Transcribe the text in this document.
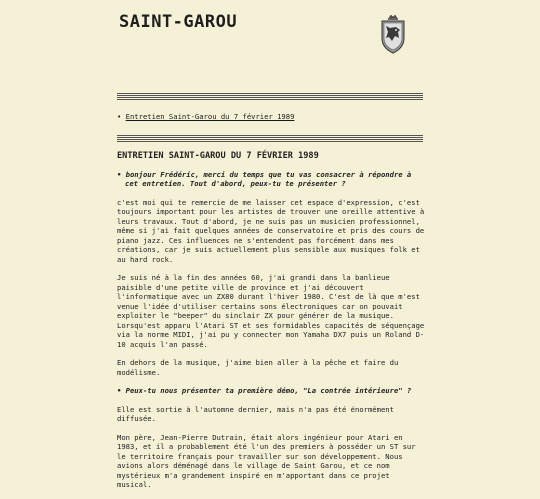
SAINT-GAROU
• Entretien Saint-Garou du 7 février 1989
ENTRETIEN SAINT-GAROU DU 7 FÉVRIER 1989
• bonjour Frédéric, merci du temps que tu vas consacrer à répondre à cet entretien. Tout d'abord, peux-tu te présenter ?
c'est moi qui te remercie de me laisser cet espace d'expression, c'est toujours important pour les artistes de trouver une oreille attentive à leurs travaux. Tout d'abord, je ne suis pas un musicien professionnel, même si j'ai fait quelques années de conservatoire et pris des cours de piano jazz. Ces influences ne s'entendent pas forcément dans mes créations, car je suis actuellement plus sensible aux musiques folk et au hard rock.
Je suis né à la fin des années 60, j'ai grandi dans la banlieue paisible d'une petite ville de province et j'ai découvert l'informatique avec un ZX80 durant l'hiver 1980. C'est de là que m'est venue l'idée d'utiliser certains sons électroniques car on pouvait exploiter le "beeper" du sinclair ZX pour générer de la musique. Lorsqu'est apparu l'Atari ST et ses formidables capacités de séquençage via la norme MIDI, j'ai pu y connecter mon Yamaha DX7 puis un Roland D-10 acquis l'an passé.
En dehors de la musique, j'aime bien aller à la pêche et faire du modélisme.
• Peux-tu nous présenter ta première démo, "La contrée intérieure" ?
Elle est sortie à l'automne dernier, mais n'a pas été énormément diffusée.
Mon père, Jean-Pierre Dutrain, était alors ingénieur pour Atari en 1983, et il a probablement été l'un des premiers à posséder un ST sur le territoire français pour travailler sur son développement. Nous avions alors déménagé dans le village de Saint Garou, et ce nom mystérieux m'a grandement inspiré en m'apportant dans ce projet musical.
